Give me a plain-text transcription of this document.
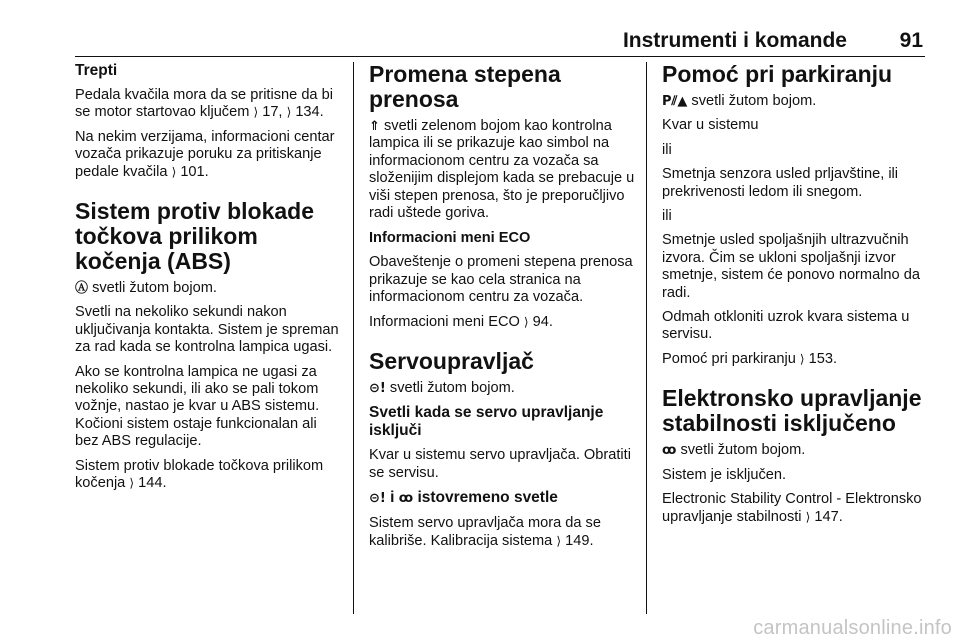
Instrumenti i komande	91
Trepti

Pedala kvačila mora da se pritisne da bi se motor startovao ključem ⟩ 17, ⟩ 134.

Na nekim verzijama, informacioni centar vozača prikazuje poruku za pritiskanje pedale kvačila ⟩ 101.

Sistem protiv blokade točkova prilikom kočenja (ABS)

Ⓐ svetli žutom bojom.

Svetli na nekoliko sekundi nakon uključivanja kontakta. Sistem je spreman za rad kada se kontrolna lampica ugasi.

Ako se kontrolna lampica ne ugasi za nekoliko sekundi, ili ako se pali tokom vožnje, nastao je kvar u ABS sistemu. Kočioni sistem ostaje funkcionalan ali bez ABS regulacije.

Sistem protiv blokade točkova prilikom kočenja ⟩ 144.

Promena stepena prenosa

⇑ svetli zelenom bojom kao kontrolna lampica ili se prikazuje kao simbol na informacionom centru za vozača sa složenijim displejom kada se prebacuje u viši stepen prenosa, što je preporučljivo radi uštede goriva.

Informacioni meni ECO

Obaveštenje o promeni stepena prenosa prikazuje se kao cela stranica na informacionom centru za vozača.

Informacioni meni ECO ⟩ 94.

Servoupravljač

⊝! svetli žutom bojom.

Svetli kada se servo upravljanje isključi

Kvar u sistemu servo upravljača. Obratiti se servisu.

⊝! i ꝏ istovremeno svetle

Sistem servo upravljača mora da se kalibriše. Kalibracija sistema ⟩ 149.

Pomoć pri parkiranju

P⫽▲ svetli žutom bojom.

Kvar u sistemu

ili

Smetnja senzora usled prljavštine, ili prekrivenosti ledom ili snegom.

ili

Smetnje usled spoljašnjih ultrazvučnih izvora. Čim se ukloni spoljašnji izvor smetnje, sistem će ponovo normalno da radi.

Odmah otkloniti uzrok kvara sistema u servisu.

Pomoć pri parkiranju ⟩ 153.

Elektronsko upravljanje stabilnosti isključeno

ꝏ svetli žutom bojom.

Sistem je isključen.

Electronic Stability Control - Elektronsko upravljanje stabilnosti ⟩ 147.

carmanualsonline.info
